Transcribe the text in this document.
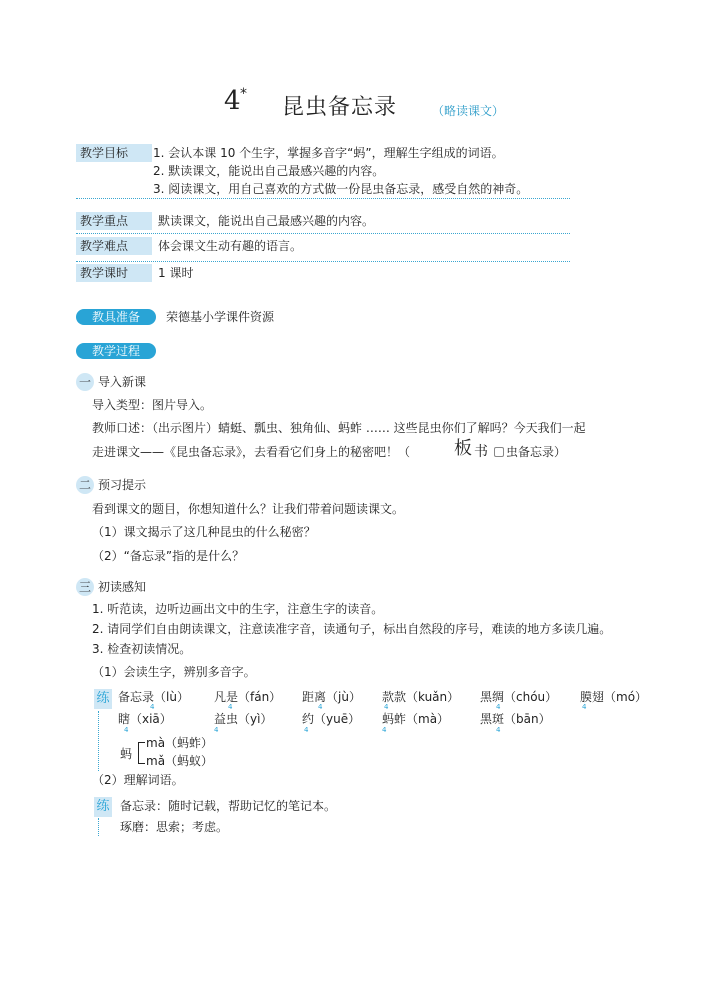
4 *
昆虫备忘录	（略读课文）
教学目标	1. 会认本课 10 个生字，掌握多音字“蚂”，理解生字组成的词语。
2. 默读课文，能说出自己最感兴趣的内容。
3. 阅读课文，用自己喜欢的方式做一份昆虫备忘录，感受自然的神奇。
教学重点	默读课文，能说出自己最感兴趣的内容。
教学难点	体会课文生动有趣的语言。
教学课时	1 课时
教具准备	荣德基小学课件资源
教学过程
一 导入新课
导入类型：图片导入。
教师口述：（出示图片）蜻蜓、瓢虫、独角仙、蚂蚱 …… 这些昆虫你们了解吗？今天我们一起
走进课文——《昆虫备忘录》，去看看它们身上的秘密吧！（ 板 书 虫备忘录）
二 预习提示
看到课文的题目，你想知道什么？让我们带着问题读课文。
（1）课文揭示了这几种昆虫的什么秘密？
（2）“备忘录”指的是什么？
三 初读感知
1. 听范读，边听边画出文中的生字，注意生字的读音。
2. 请同学们自由朗读课文，注意读准字音，读通句子，标出自然段的序号，难读的地方多读几遍。
3. 检查初读情况。
（1）会读生字，辨别多音字。
练 备忘录（lù） 凡是（fán） 距离（jù） 款款（kuǎn） 黑绸（chóu） 膜翅（mó）
4	4	4	4	4	4
瞎（xiā）	益虫（yì） 约（yuē） 蚂蚱（mà）	黑斑（bān）
4	4	4	4	4
蚂
mà（蚂蚱）
mǎ（蚂蚁）
（2）理解词语。
练 备忘录：随时记载，帮助记忆的笔记本。
琢磨：思索；考虑。
